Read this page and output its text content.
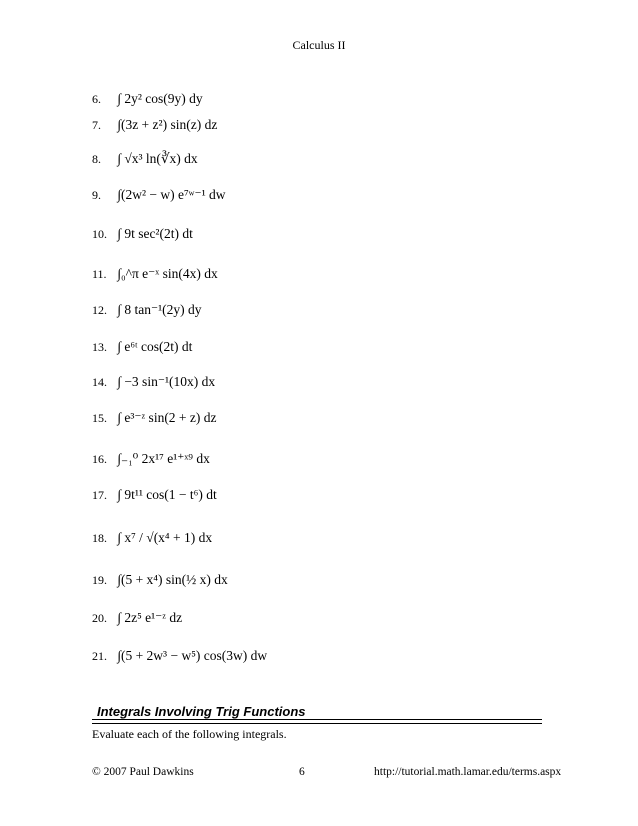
Calculus II
6. ∫ 2y² cos(9y) dy
7. ∫(3z + z²) sin(z) dz
8. ∫ √x³ ln(∛x) dx
9. ∫(2w² − w) e⁷ʷ⁻¹ dw
10. ∫ 9t sec²(2t) dt
11. ∫₀^π e⁻ˣ sin(4x) dx
12. ∫ 8 tan⁻¹(2y) dy
13. ∫ e⁶ᵗ cos(2t) dt
14. ∫ −3 sin⁻¹(10x) dx
15. ∫ e³⁻ᶻ sin(2 + z) dz
16. ∫₋₁⁰ 2x¹⁷ e¹⁺ˣ⁹ dx
17. ∫ 9t¹¹ cos(1 − t⁶) dt
18. ∫ x⁷ / √(x⁴ + 1) dx
19. ∫(5 + x⁴) sin(½ x) dx
20. ∫ 2z⁵ e¹⁻ᶻ dz
21. ∫(5 + 2w³ − w⁵) cos(3w) dw
Integrals Involving Trig Functions
Evaluate each of the following integrals.
© 2007 Paul Dawkins	6	http://tutorial.math.lamar.edu/terms.aspx
